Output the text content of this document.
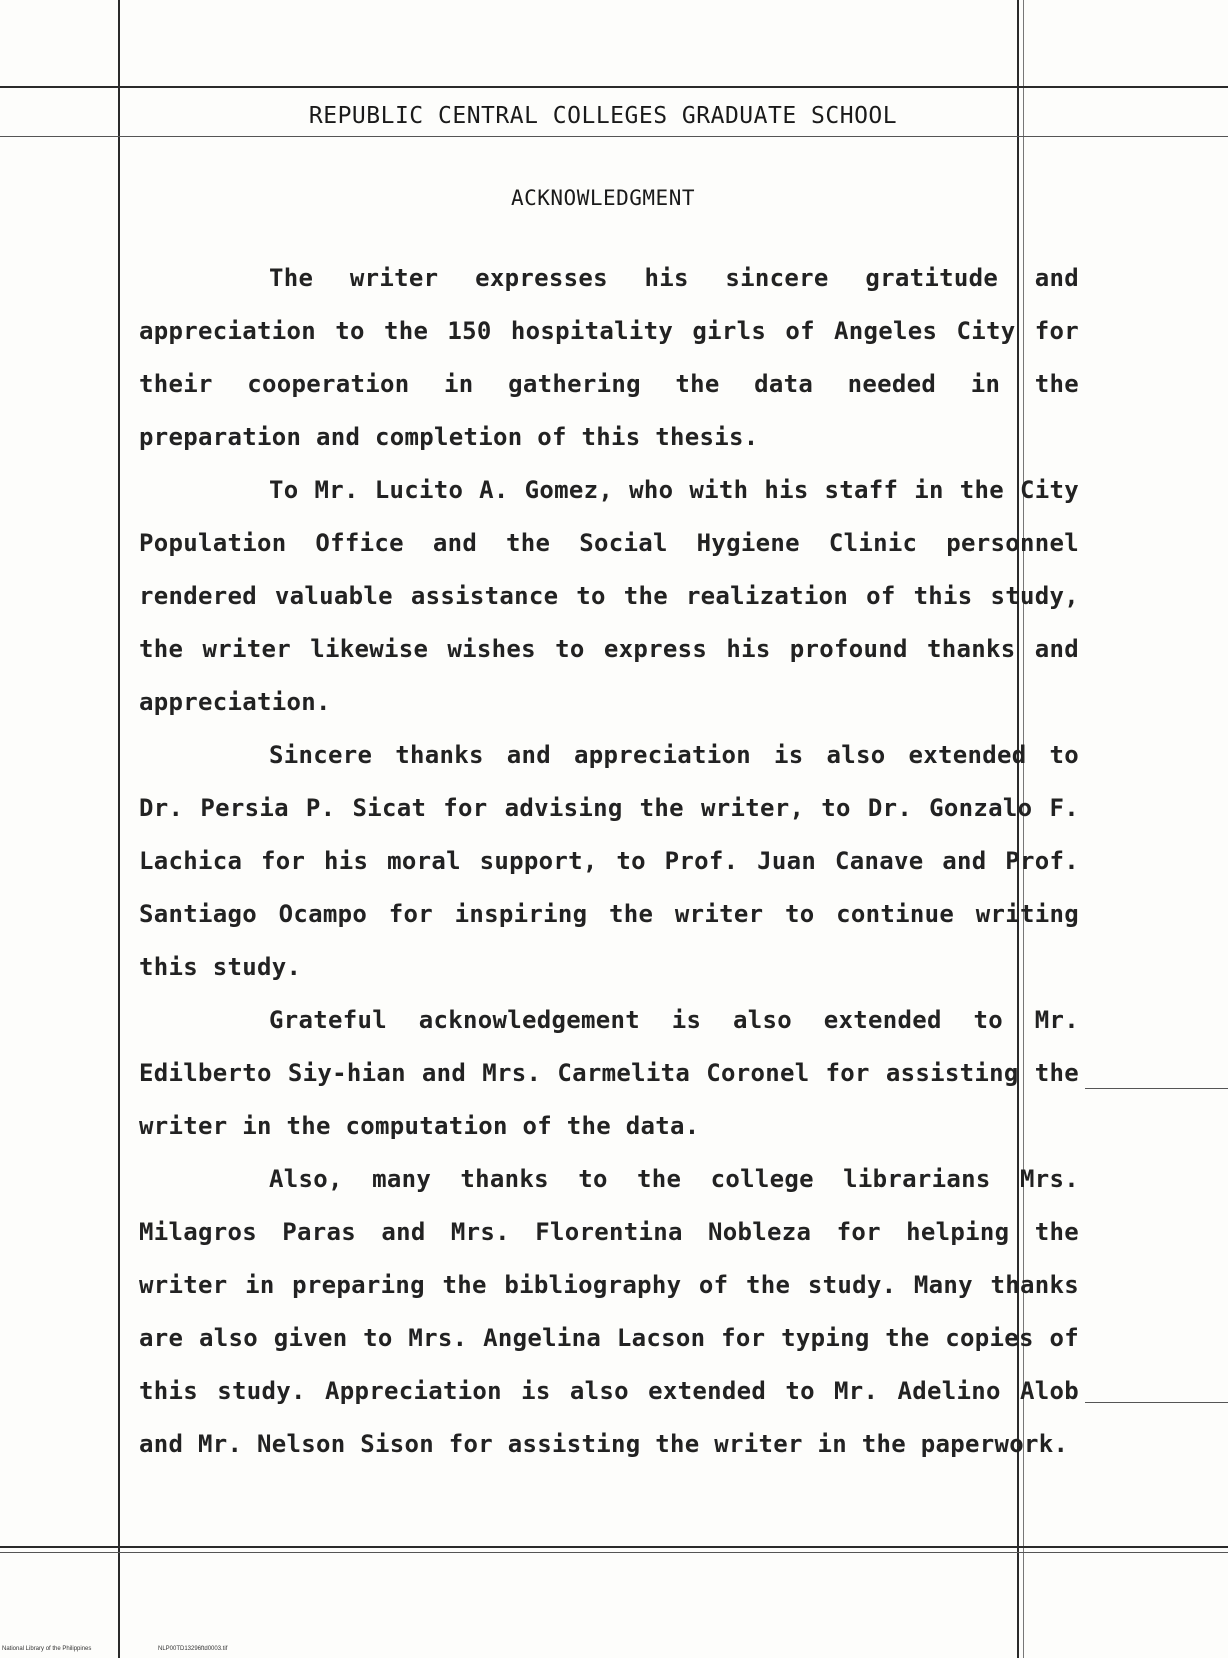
REPUBLIC CENTRAL COLLEGES GRADUATE SCHOOL
ACKNOWLEDGMENT

The writer expresses his sincere gratitude and appreciation to the 150 hospitality girls of Angeles City for their cooperation in gathering the data needed in the preparation and completion of this thesis.

To Mr. Lucito A. Gomez, who with his staff in the City Population Office and the Social Hygiene Clinic personnel rendered valuable assistance to the realization of this study, the writer likewise wishes to express his profound thanks and appreciation.

Sincere thanks and appreciation is also extended to Dr. Persia P. Sicat for advising the writer, to Dr. Gonzalo F. Lachica for his moral support, to Prof. Juan Canave and Prof. Santiago Ocampo for inspiring the writer to continue writing this study.

Grateful acknowledgement is also extended to Mr. Edilberto Siy-hian and Mrs. Carmelita Coronel for assisting the writer in the computation of the data.

Also, many thanks to the college librarians Mrs. Milagros Paras and Mrs. Florentina Nobleza for helping the writer in preparing the bibliography of the study. Many thanks are also given to Mrs. Angelina Lacson for typing the copies of this study. Appreciation is also extended to Mr. Adelino Alob and Mr. Nelson Sison for assisting the writer in the paperwork.

National Library of the Philippines	NLP00TD13296ftd0003.tif
